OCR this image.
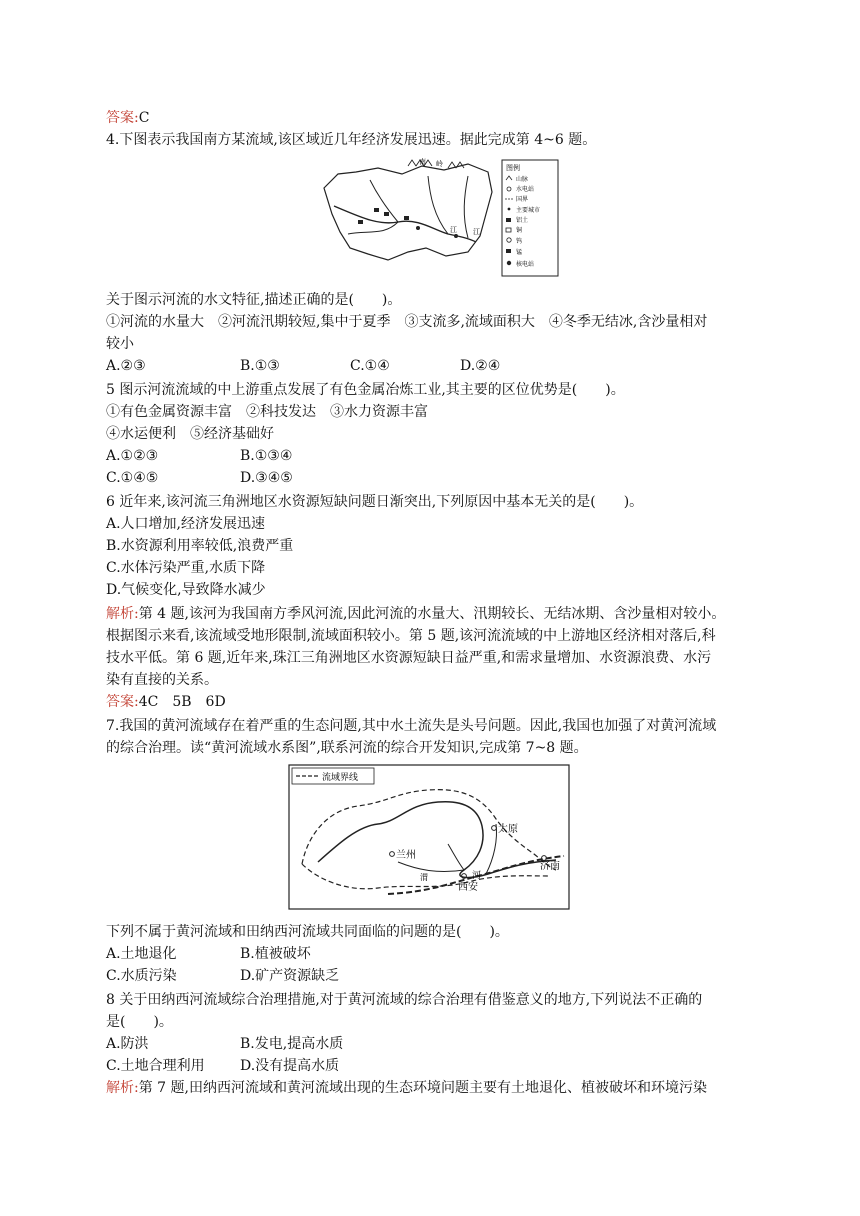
答案:C
4.下图表示我国南方某流域,该区域近几年经济发展迅速。据此完成第 4~6 题。
南 岭
江 江
图例
山脉
水电站
国界
主要城市
铝土
铜
钨
锰
核电站
关于图示河流的水文特征,描述正确的是(　　)。
①河流的水量大　②河流汛期较短,集中于夏季　③支流多,流域面积大　④冬季无结冰,含沙量相对
较小
A.②③	B.①③	C.①④	D.②④
5 图示河流流域的中上游重点发展了有色金属冶炼工业,其主要的区位优势是(　　)。
①有色金属资源丰富　②科技发达　③水力资源丰富
④水运便利　⑤经济基础好
A.①②③	B.①③④
C.①④⑤	D.③④⑤
6 近年来,该河流三角洲地区水资源短缺问题日渐突出,下列原因中基本无关的是(　　)。
A.人口增加,经济发展迅速
B.水资源利用率较低,浪费严重
C.水体污染严重,水质下降
D.气候变化,导致降水减少
解析:第 4 题,该河为我国南方季风河流,因此河流的水量大、汛期较长、无结冰期、含沙量相对较小。
根据图示来看,该流域受地形限制,流域面积较小。第 5 题,该河流流域的中上游地区经济相对落后,科
技水平低。第 6 题,近年来,珠江三角洲地区水资源短缺日益严重,和需求量增加、水资源浪费、水污
染有直接的关系。
答案:4C　5B　6D
7.我国的黄河流域存在着严重的生态问题,其中水土流失是头号问题。因此,我国也加强了对黄河流域
的综合治理。读“黄河流域水系图”,联系河流的综合开发知识,完成第 7~8 题。
流域界线
太原
兰州
济南
西安
渭	河
下列不属于黄河流域和田纳西河流域共同面临的问题的是(　　)。
A.土地退化	B.植被破坏
C.水质污染	D.矿产资源缺乏
8 关于田纳西河流域综合治理措施,对于黄河流域的综合治理有借鉴意义的地方,下列说法不正确的
是(　　)。
A.防洪	B.发电,提高水质
C.土地合理利用	D.没有提高水质
解析:第 7 题,田纳西河流域和黄河流域出现的生态环境问题主要有土地退化、植被破坏和环境污染
